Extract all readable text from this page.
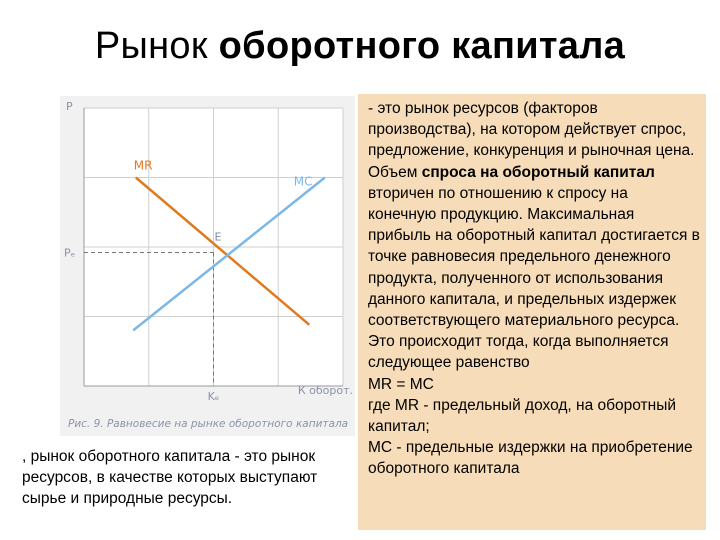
Рынок оборотного капитала
MR
MC
E
P
Pₑ
Kₑ	К оборот.
Рис. 9. Равновесие на рынке оборотного капитала
, рынок оборотного капитала - это рынок ресурсов, в качестве которых выступают сырье и природные ресурсы.

- это рынок ресурсов (факторов производства), на котором действует спрос, предложение, конкуренция и рыночная цена.

Объем спроса на оборотный капитал вторичен по отношению к спросу на конечную продукцию. Максимальная прибыль на оборотный капитал достигается в точке равновесия предельного денежного продукта, полученного от использования данного капитала, и предельных издержек соответствующего материального ресурса. Это происходит тогда, когда выполняется следующее равенство

MR = MC

где MR - предельный доход, на оборотный капитал;

MC - предельные издержки на приобретение оборотного капитала
